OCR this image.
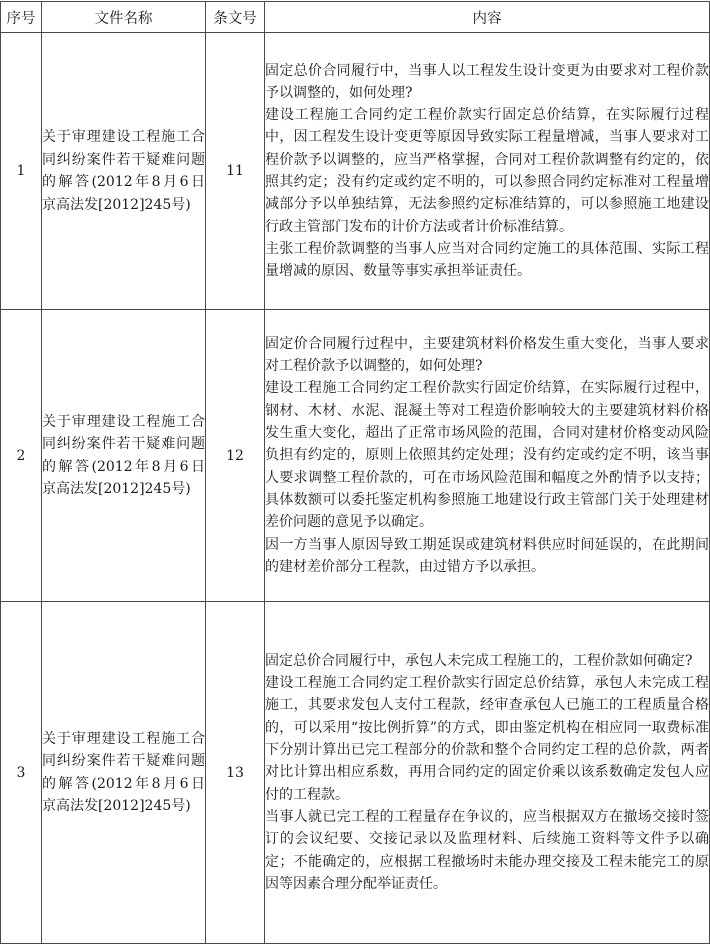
序号	文件名称	条文号	内容
1	关于审理建设工程施工合同纠纷案件若干疑难问题的解答(2012年8月6日　京高法发[2012]245号)	11	固定总价合同履行中，当事人以工程发生设计变更为由要求对工程价款予以调整的，如何处理?

建设工程施工合同约定工程价款实行固定总价结算，在实际履行过程中，因工程发生设计变更等原因导致实际工程量增减，当事人要求对工程价款予以调整的，应当严格掌握，合同对工程价款调整有约定的，依照其约定；没有约定或约定不明的，可以参照合同约定标准对工程量增减部分予以单独结算，无法参照约定标准结算的，可以参照施工地建设行政主管部门发布的计价方法或者计价标准结算。

主张工程价款调整的当事人应当对合同约定施工的具体范围、实际工程量增减的原因、数量等事实承担举证责任。

2	关于审理建设工程施工合同纠纷案件若干疑难问题的解答(2012年8月6日　京高法发[2012]245号)	12	固定价合同履行过程中，主要建筑材料价格发生重大变化，当事人要求对工程价款予以调整的，如何处理?

建设工程施工合同约定工程价款实行固定价结算，在实际履行过程中，钢材、木材、水泥、混凝土等对工程造价影响较大的主要建筑材料价格发生重大变化，超出了正常市场风险的范围，合同对建材价格变动风险负担有约定的，原则上依照其约定处理；没有约定或约定不明，该当事人要求调整工程价款的，可在市场风险范围和幅度之外酌情予以支持；具体数额可以委托鉴定机构参照施工地建设行政主管部门关于处理建材差价问题的意见予以确定。

因一方当事人原因导致工期延误或建筑材料供应时间延误的，在此期间的建材差价部分工程款，由过错方予以承担。

3	关于审理建设工程施工合同纠纷案件若干疑难问题的解答(2012年8月6日　京高法发[2012]245号)	13	固定总价合同履行中，承包人未完成工程施工的，工程价款如何确定?

建设工程施工合同约定工程价款实行固定总价结算，承包人未完成工程施工，其要求发包人支付工程款，经审查承包人已施工的工程质量合格的，可以采用“按比例折算”的方式，即由鉴定机构在相应同一取费标准下分别计算出已完工程部分的价款和整个合同约定工程的总价款，两者对比计算出相应系数，再用合同约定的固定价乘以该系数确定发包人应付的工程款。

当事人就已完工程的工程量存在争议的，应当根据双方在撤场交接时签订的会议纪要、交接记录以及监理材料、后续施工资料等文件予以确定；不能确定的，应根据工程撤场时未能办理交接及工程未能完工的原因等因素合理分配举证责任。
